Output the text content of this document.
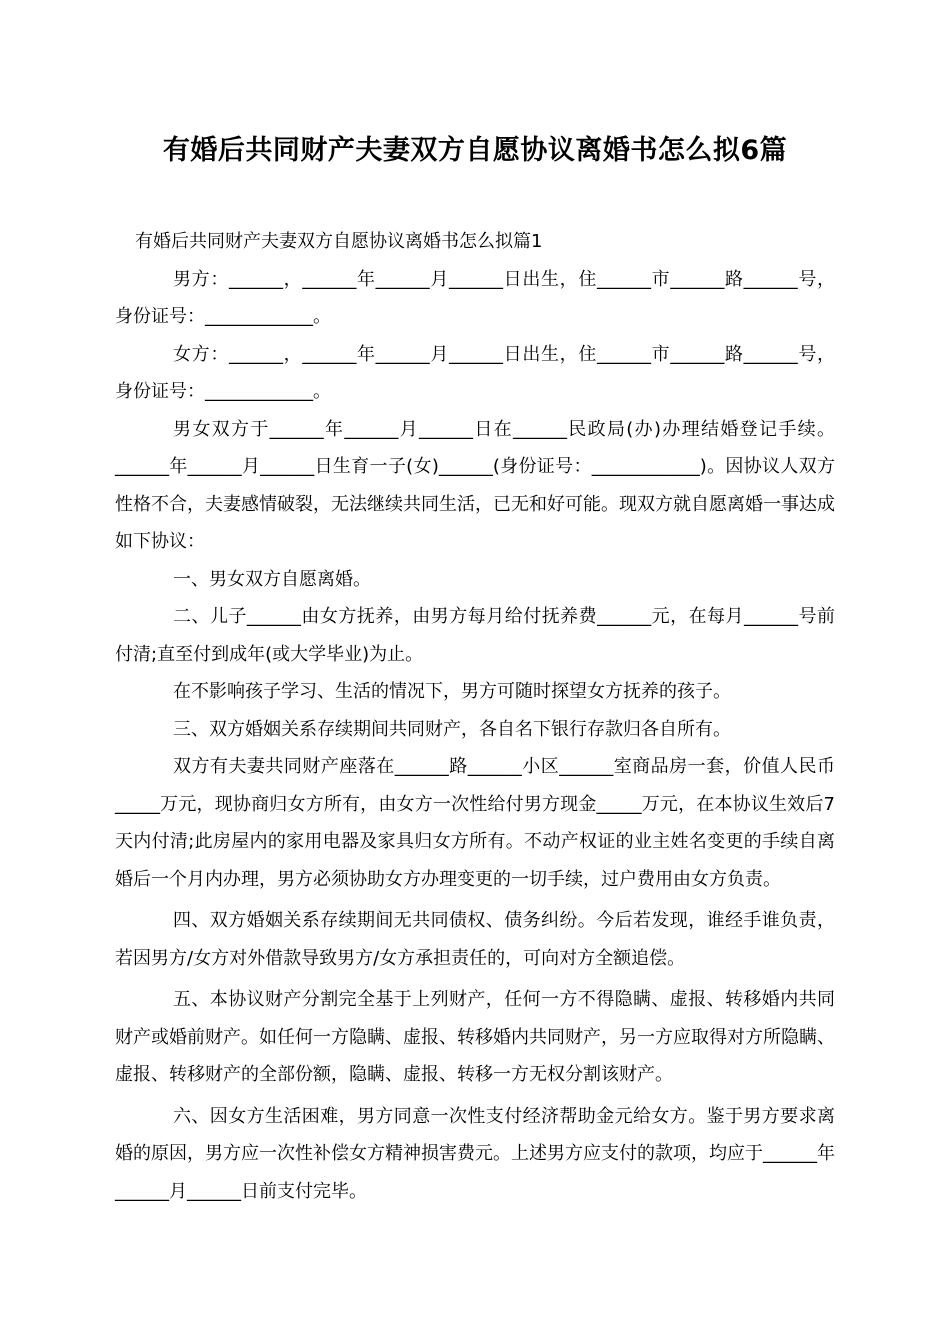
有婚后共同财产夫妻双方自愿协议离婚书怎么拟6篇

有婚后共同财产夫妻双方自愿协议离婚书怎么拟篇1

男方：______，______年______月______日出生，住______市______路______号，身份证号：____________。

女方：______，______年______月______日出生，住______市______路______号，身份证号：____________。

男女双方于______年______月______日在______民政局(办)办理结婚登记手续。______年______月______日生育一子(女)______(身份证号：____________)。因协议人双方性格不合，夫妻感情破裂，无法继续共同生活，已无和好可能。现双方就自愿离婚一事达成如下协议：

一、男女双方自愿离婚。

二、儿子______由女方抚养，由男方每月给付抚养费______元，在每月______号前付清;直至付到成年(或大学毕业)为止。

在不影响孩子学习、生活的情况下，男方可随时探望女方抚养的孩子。

三、双方婚姻关系存续期间共同财产，各自名下银行存款归各自所有。

双方有夫妻共同财产座落在______路______小区______室商品房一套，价值人民币_____万元，现协商归女方所有，由女方一次性给付男方现金_____万元，在本协议生效后7天内付清;此房屋内的家用电器及家具归女方所有。不动产权证的业主姓名变更的手续自离婚后一个月内办理，男方必须协助女方办理变更的一切手续，过户费用由女方负责。

四、双方婚姻关系存续期间无共同债权、债务纠纷。今后若发现，谁经手谁负责，若因男方/女方对外借款导致男方/女方承担责任的，可向对方全额追偿。

五、本协议财产分割完全基于上列财产，任何一方不得隐瞒、虚报、转移婚内共同财产或婚前财产。如任何一方隐瞒、虚报、转移婚内共同财产，另一方应取得对方所隐瞒、虚报、转移财产的全部份额，隐瞒、虚报、转移一方无权分割该财产。

六、因女方生活困难，男方同意一次性支付经济帮助金元给女方。鉴于男方要求离婚的原因，男方应一次性补偿女方精神损害费元。上述男方应支付的款项，均应于______年______月______日前支付完毕。
